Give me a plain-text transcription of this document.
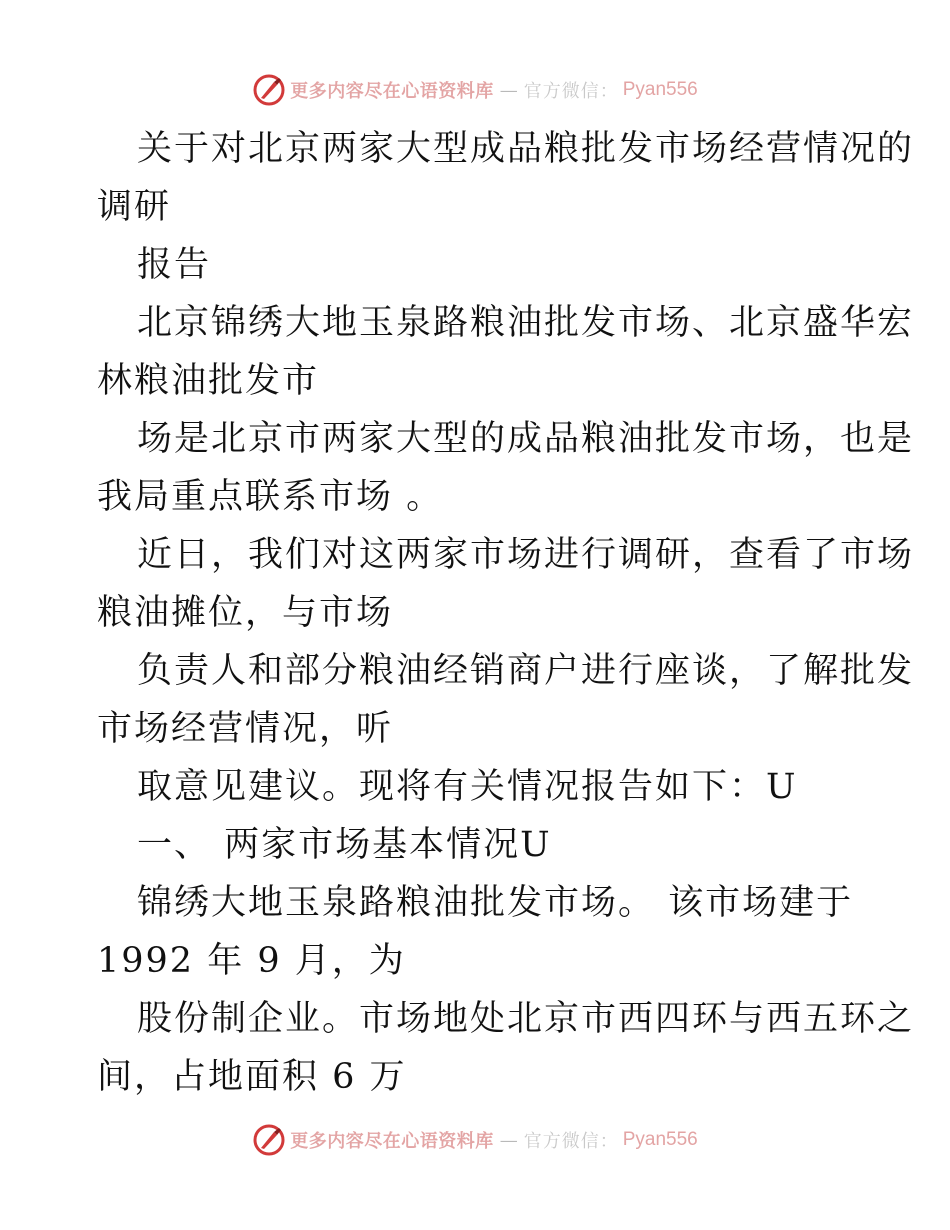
更多内容尽在心语资料库 — 官方微信： Pyan556
关于对北京两家大型成品粮批发市场经营情况的
调研
报告
北京锦绣大地玉泉路粮油批发市场、北京盛华宏
林粮油批发市
场是北京市两家大型的成品粮油批发市场，也是
我局重点联系市场 。
近日，我们对这两家市场进行调研，查看了市场
粮油摊位，与市场
负责人和部分粮油经销商户进行座谈，了解批发
市场经营情况，听
取意见建议。现将有关情况报告如下：U
一、 两家市场基本情况U
锦绣大地玉泉路粮油批发市场。 该市场建于
1992 年 9 月，为
股份制企业。市场地处北京市西四环与西五环之
间，占地面积 6 万
更多内容尽在心语资料库 — 官方微信： Pyan556
